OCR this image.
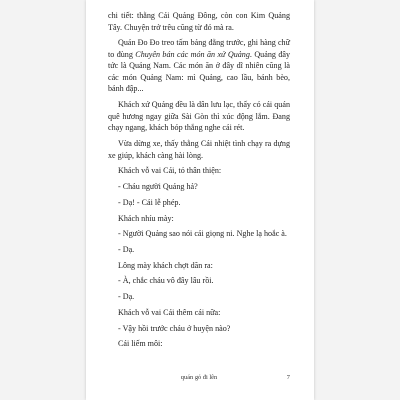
chi tiết: thằng Cái Quảng Đông, còn con Kim Quảng Tây. Chuyện trở trêu cũng từ đó mà ra.

Quán Đo Đo treo tấm bảng đằng trước, ghi hàng chữ to đùng Chuyên bán các món ăn xứ Quảng. Quảng đây tức là Quảng Nam. Các món ăn ở đây dĩ nhiên cũng là các món Quảng Nam: mì Quảng, cao lầu, bánh bèo, bánh đập...

Khách xứ Quảng đều là dân lưu lạc, thấy có cái quán quê hương ngay giữa Sài Gòn thì xúc động lắm. Đang chạy ngang, khách bóp thắng nghe cái rét.

Vừa dừng xe, thấy thằng Cái nhiệt tình chạy ra dựng xe giúp, khách càng hài lòng.

Khách vỗ vai Cái, tỏ thân thiện:

- Cháu người Quảng hả?

- Dạ! - Cái lễ phép.

Khách nhíu mày:

- Người Quảng sao nói cái giọng ni. Nghe lạ hoắc à.

- Dạ.

Lông mày khách chợt dãn ra:

- À, chắc cháu vô đây lâu rồi.

- Dạ.

Khách vỗ vai Cái thêm cái nữa:

- Vậy hồi trước cháu ở huyện nào?

Cái liếm môi:

quán gỏ đi lên	7
